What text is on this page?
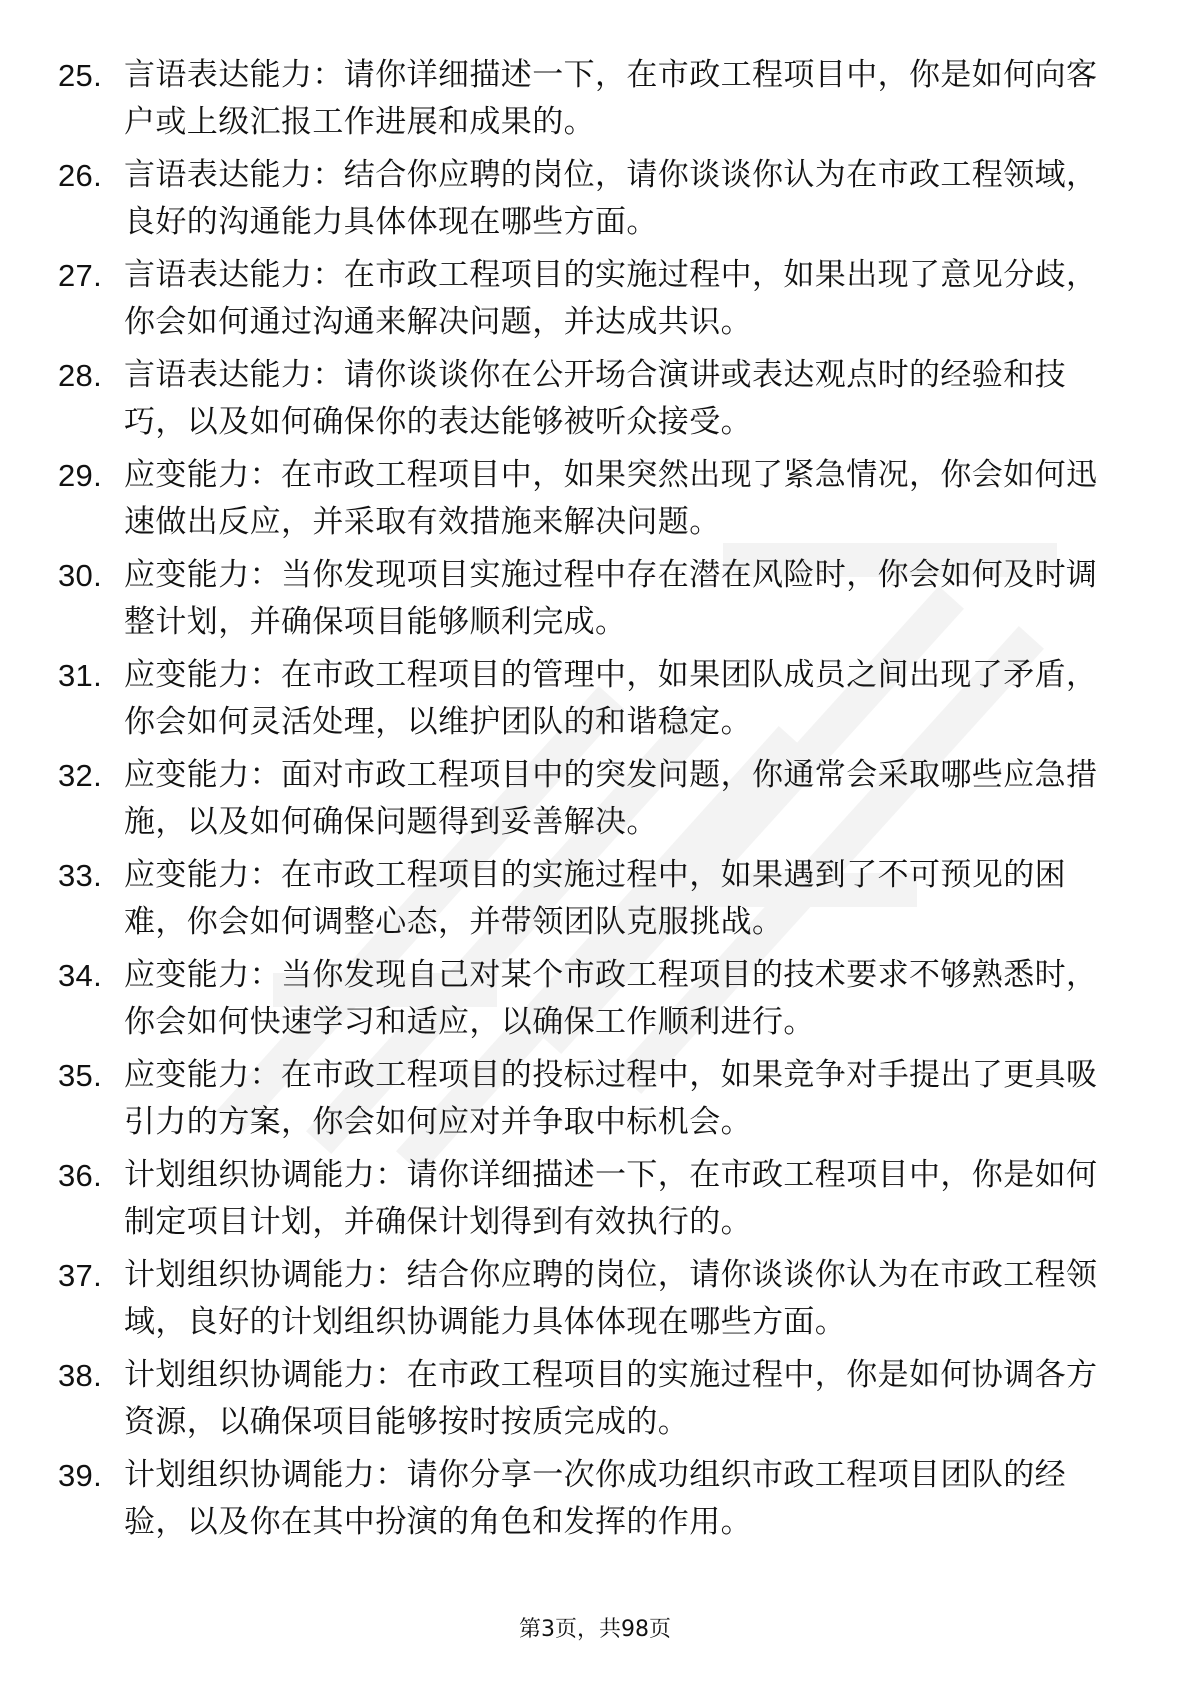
25. 言语表达能力：请你详细描述一下，在市政工程项目中，你是如何向客户或上级汇报工作进展和成果的。
26. 言语表达能力：结合你应聘的岗位，请你谈谈你认为在市政工程领域，良好的沟通能力具体体现在哪些方面。
27. 言语表达能力：在市政工程项目的实施过程中，如果出现了意见分歧，你会如何通过沟通来解决问题，并达成共识。
28. 言语表达能力：请你谈谈你在公开场合演讲或表达观点时的经验和技巧，以及如何确保你的表达能够被听众接受。
29. 应变能力：在市政工程项目中，如果突然出现了紧急情况，你会如何迅速做出反应，并采取有效措施来解决问题。
30. 应变能力：当你发现项目实施过程中存在潜在风险时，你会如何及时调整计划，并确保项目能够顺利完成。
31. 应变能力：在市政工程项目的管理中，如果团队成员之间出现了矛盾，你会如何灵活处理，以维护团队的和谐稳定。
32. 应变能力：面对市政工程项目中的突发问题，你通常会采取哪些应急措施，以及如何确保问题得到妥善解决。
33. 应变能力：在市政工程项目的实施过程中，如果遇到了不可预见的困难，你会如何调整心态，并带领团队克服挑战。
34. 应变能力：当你发现自己对某个市政工程项目的技术要求不够熟悉时，你会如何快速学习和适应，以确保工作顺利进行。
35. 应变能力：在市政工程项目的投标过程中，如果竞争对手提出了更具吸引力的方案，你会如何应对并争取中标机会。
36. 计划组织协调能力：请你详细描述一下，在市政工程项目中，你是如何制定项目计划，并确保计划得到有效执行的。
37. 计划组织协调能力：结合你应聘的岗位，请你谈谈你认为在市政工程领域，良好的计划组织协调能力具体体现在哪些方面。
38. 计划组织协调能力：在市政工程项目的实施过程中，你是如何协调各方资源，以确保项目能够按时按质完成的。
39. 计划组织协调能力：请你分享一次你成功组织市政工程项目团队的经验，以及你在其中扮演的角色和发挥的作用。
第3页，共98页
